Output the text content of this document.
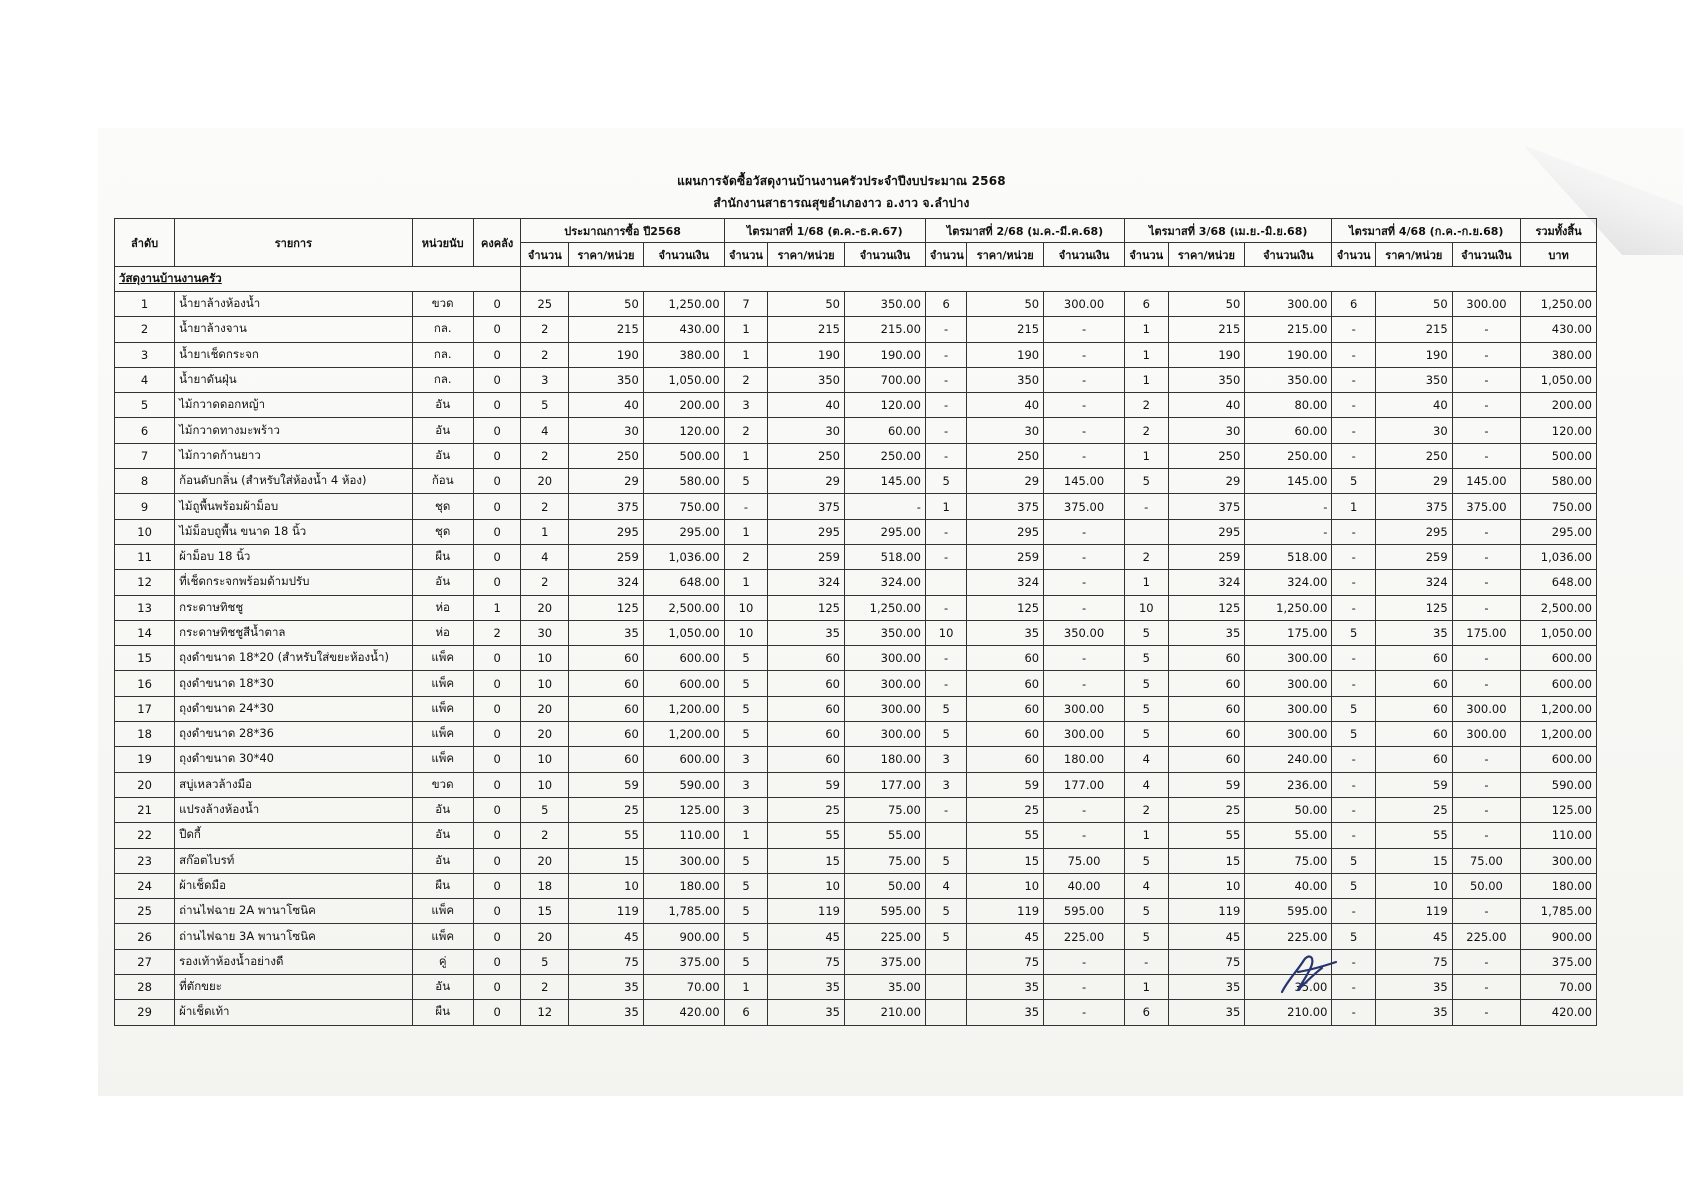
แผนการจัดซื้อวัสดุงานบ้านงานครัวประจำปีงบประมาณ 2568
สำนักงานสาธารณสุขอำเภองาว อ.งาว จ.ลำปาง
ลำดับ	รายการ	หน่วยนับ	คงคลัง	ประมาณการซื้อ ปี2568			ไตรมาสที่ 1/68 (ต.ค.-ธ.ค.67)			ไตรมาสที่ 2/68 (ม.ค.-มี.ค.68)			ไตรมาสที่ 3/68 (เม.ย.-มิ.ย.68)			ไตรมาสที่ 4/68 (ก.ค.-ก.ย.68)			รวมทั้งสิ้น
				จำนวน	ราคา/หน่วย	จำนวนเงิน	จำนวน	ราคา/หน่วย	จำนวนเงิน	จำนวน	ราคา/หน่วย	จำนวนเงิน	จำนวน	ราคา/หน่วย	จำนวนเงิน	จำนวน	ราคา/หน่วย	จำนวนเงิน	บาท
วัสดุงานบ้านงานครัว																			
1	น้ำยาล้างห้องน้ำ	ขวด	0	25	50	1,250.00	7	50	350.00	6	50	300.00	6	50	300.00	6	50	300.00	1,250.00
2	น้ำยาล้างจาน	กล.	0	2	215	430.00	1	215	215.00	-	215	-	1	215	215.00	-	215	-	430.00
3	น้ำยาเช็ดกระจก	กล.	0	2	190	380.00	1	190	190.00	-	190	-	1	190	190.00	-	190	-	380.00
4	น้ำยาดันฝุ่น	กล.	0	3	350	1,050.00	2	350	700.00	-	350	-	1	350	350.00	-	350	-	1,050.00
5	ไม้กวาดดอกหญ้า	อัน	0	5	40	200.00	3	40	120.00	-	40	-	2	40	80.00	-	40	-	200.00
6	ไม้กวาดทางมะพร้าว	อัน	0	4	30	120.00	2	30	60.00	-	30	-	2	30	60.00	-	30	-	120.00
7	ไม้กวาดก้านยาว	อัน	0	2	250	500.00	1	250	250.00	-	250	-	1	250	250.00	-	250	-	500.00
8	ก้อนดับกลิ่น (สำหรับใส่ห้องน้ำ 4 ห้อง)	ก้อน	0	20	29	580.00	5	29	145.00	5	29	145.00	5	29	145.00	5	29	145.00	580.00
9	ไม้ถูพื้นพร้อมผ้าม็อบ	ชุด	0	2	375	750.00	-	375	-	1	375	375.00	-	375	-	1	375	375.00	750.00
10	ไม้ม็อบถูพื้น ขนาด 18 นิ้ว	ชุด	0	1	295	295.00	1	295	295.00	-	295	-		295	-	-	295	-	295.00
11	ผ้าม็อบ 18 นิ้ว	ผืน	0	4	259	1,036.00	2	259	518.00	-	259	-	2	259	518.00	-	259	-	1,036.00
12	ที่เช็ดกระจกพร้อมด้ามปรับ	อัน	0	2	324	648.00	1	324	324.00		324	-	1	324	324.00	-	324	-	648.00
13	กระดาษทิชชู	ห่อ	1	20	125	2,500.00	10	125	1,250.00	-	125	-	10	125	1,250.00	-	125	-	2,500.00
14	กระดาษทิชชูสีน้ำตาล	ห่อ	2	30	35	1,050.00	10	35	350.00	10	35	350.00	5	35	175.00	5	35	175.00	1,050.00
15	ถุงดำขนาด 18*20 (สำหรับใส่ขยะห้องน้ำ)	แพ็ค	0	10	60	600.00	5	60	300.00	-	60	-	5	60	300.00	-	60	-	600.00
16	ถุงดำขนาด 18*30	แพ็ค	0	10	60	600.00	5	60	300.00	-	60	-	5	60	300.00	-	60	-	600.00
17	ถุงดำขนาด 24*30	แพ็ค	0	20	60	1,200.00	5	60	300.00	5	60	300.00	5	60	300.00	5	60	300.00	1,200.00
18	ถุงดำขนาด 28*36	แพ็ค	0	20	60	1,200.00	5	60	300.00	5	60	300.00	5	60	300.00	5	60	300.00	1,200.00
19	ถุงดำขนาด 30*40	แพ็ค	0	10	60	600.00	3	60	180.00	3	60	180.00	4	60	240.00	-	60	-	600.00
20	สบู่เหลวล้างมือ	ขวด	0	10	59	590.00	3	59	177.00	3	59	177.00	4	59	236.00	-	59	-	590.00
21	แปรงล้างห้องน้ำ	อัน	0	5	25	125.00	3	25	75.00	-	25	-	2	25	50.00	-	25	-	125.00
22	ปืดกี้	อัน	0	2	55	110.00	1	55	55.00		55	-	1	55	55.00	-	55	-	110.00
23	สก๊อตไบรท์	อัน	0	20	15	300.00	5	15	75.00	5	15	75.00	5	15	75.00	5	15	75.00	300.00
24	ผ้าเช็ดมือ	ผืน	0	18	10	180.00	5	10	50.00	4	10	40.00	4	10	40.00	5	10	50.00	180.00
25	ถ่านไฟฉาย 2A พานาโซนิค	แพ็ค	0	15	119	1,785.00	5	119	595.00	5	119	595.00	5	119	595.00	-	119	-	1,785.00
26	ถ่านไฟฉาย 3A พานาโซนิค	แพ็ค	0	20	45	900.00	5	45	225.00	5	45	225.00	5	45	225.00	5	45	225.00	900.00
27	รองเท้าห้องน้ำอย่างดี	คู่	0	5	75	375.00	5	75	375.00		75	-	-	75		-	75	-	375.00
28	ที่ตักขยะ	อัน	0	2	35	70.00	1	35	35.00		35	-	1	35	35.00	-	35	-	70.00
29	ผ้าเช็ดเท้า	ผืน	0	12	35	420.00	6	35	210.00		35	-	6	35	210.00	-	35	-	420.00
